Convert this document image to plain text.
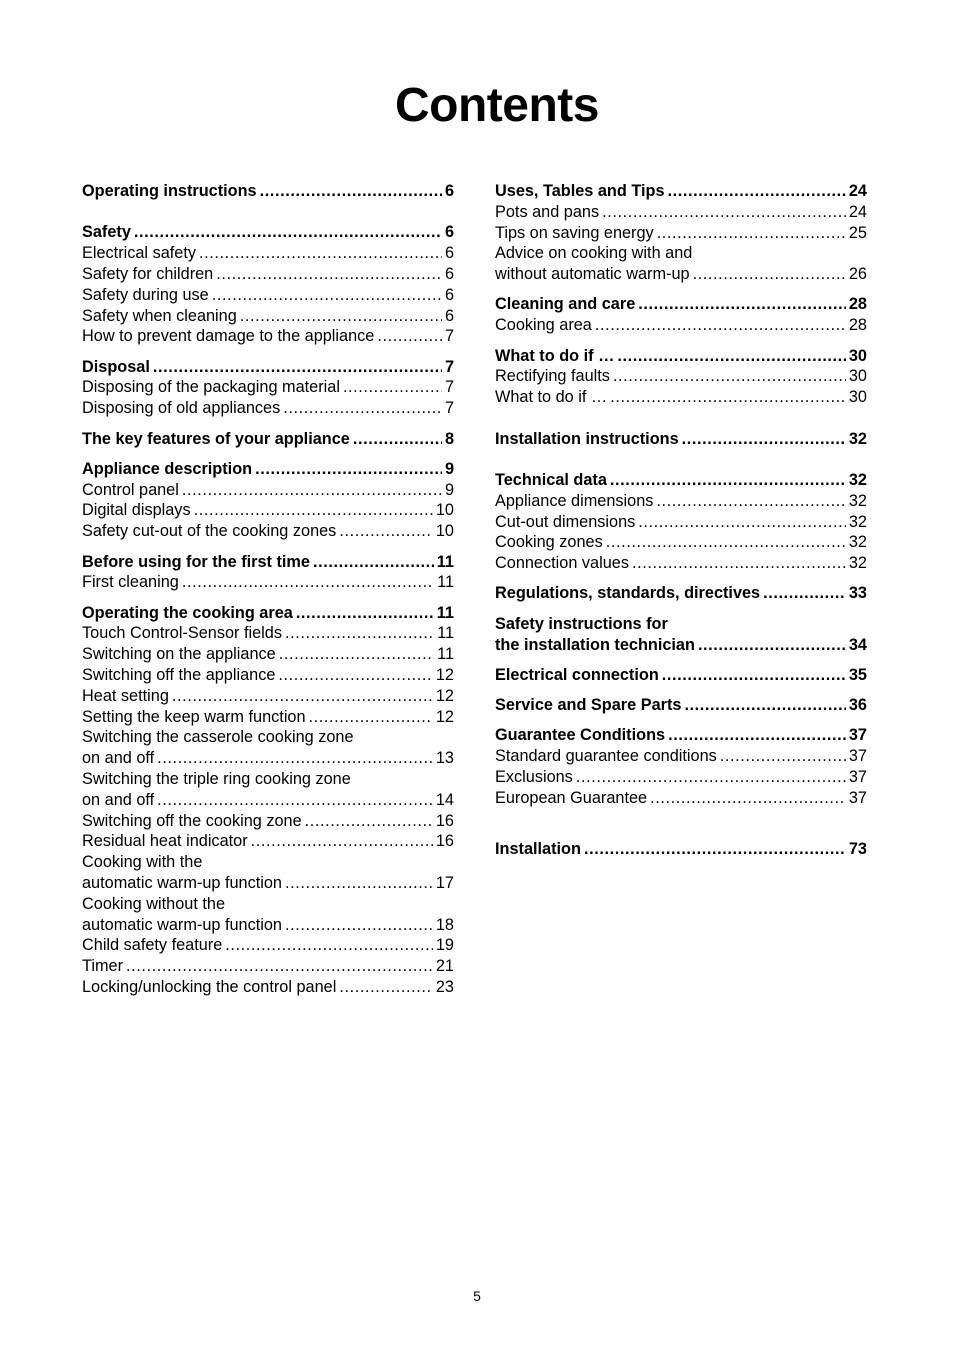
Contents
Operating instructions .....	6
Safety .....	6
Electrical safety .....	6
Safety for children .....	6
Safety during use .....	6
Safety when cleaning .....	6
How to prevent damage to the appliance .....	7
Disposal .....	7
Disposing of the packaging material .....	7
Disposing of old appliances .....	7
The key features of your appliance .....	8
Appliance description .....	9
Control panel .....	9
Digital displays .....	10
Safety cut-out of the cooking zones .....	10
Before using for the first time .....	11
First cleaning .....	11
Operating the cooking area .....	11
Touch Control-Sensor fields .....	11
Switching on the appliance .....	11
Switching off the appliance .....	12
Heat setting .....	12
Setting the keep warm function .....	12
Switching the casserole cooking zone
on and off .....	13
Switching the triple ring cooking zone
on and off .....	14
Switching off the cooking zone .....	16
Residual heat indicator .....	16
Cooking with the
automatic warm-up function .....	17
Cooking without the
automatic warm-up function .....	18
Child safety feature .....	19
Timer .....	21
Locking/unlocking the control panel .....	23
Uses, Tables and Tips .....	24
Pots and pans .....	24
Tips on saving energy .....	25
Advice on cooking with and
without automatic warm-up .....	26
Cleaning and care .....	28
Cooking area .....	28
What to do if … .....	30
Rectifying faults .....	30
What to do if … .....	30
Installation instructions .....	32
Technical data .....	32
Appliance dimensions .....	32
Cut-out dimensions .....	32
Cooking zones .....	32
Connection values .....	32
Regulations, standards, directives .....	33
Safety instructions for
the installation technician .....	34
Electrical connection .....	35
Service and Spare Parts .....	36
Guarantee Conditions .....	37
Standard guarantee conditions .....	37
Exclusions .....	37
European Guarantee .....	37
Installation .....	73
5
